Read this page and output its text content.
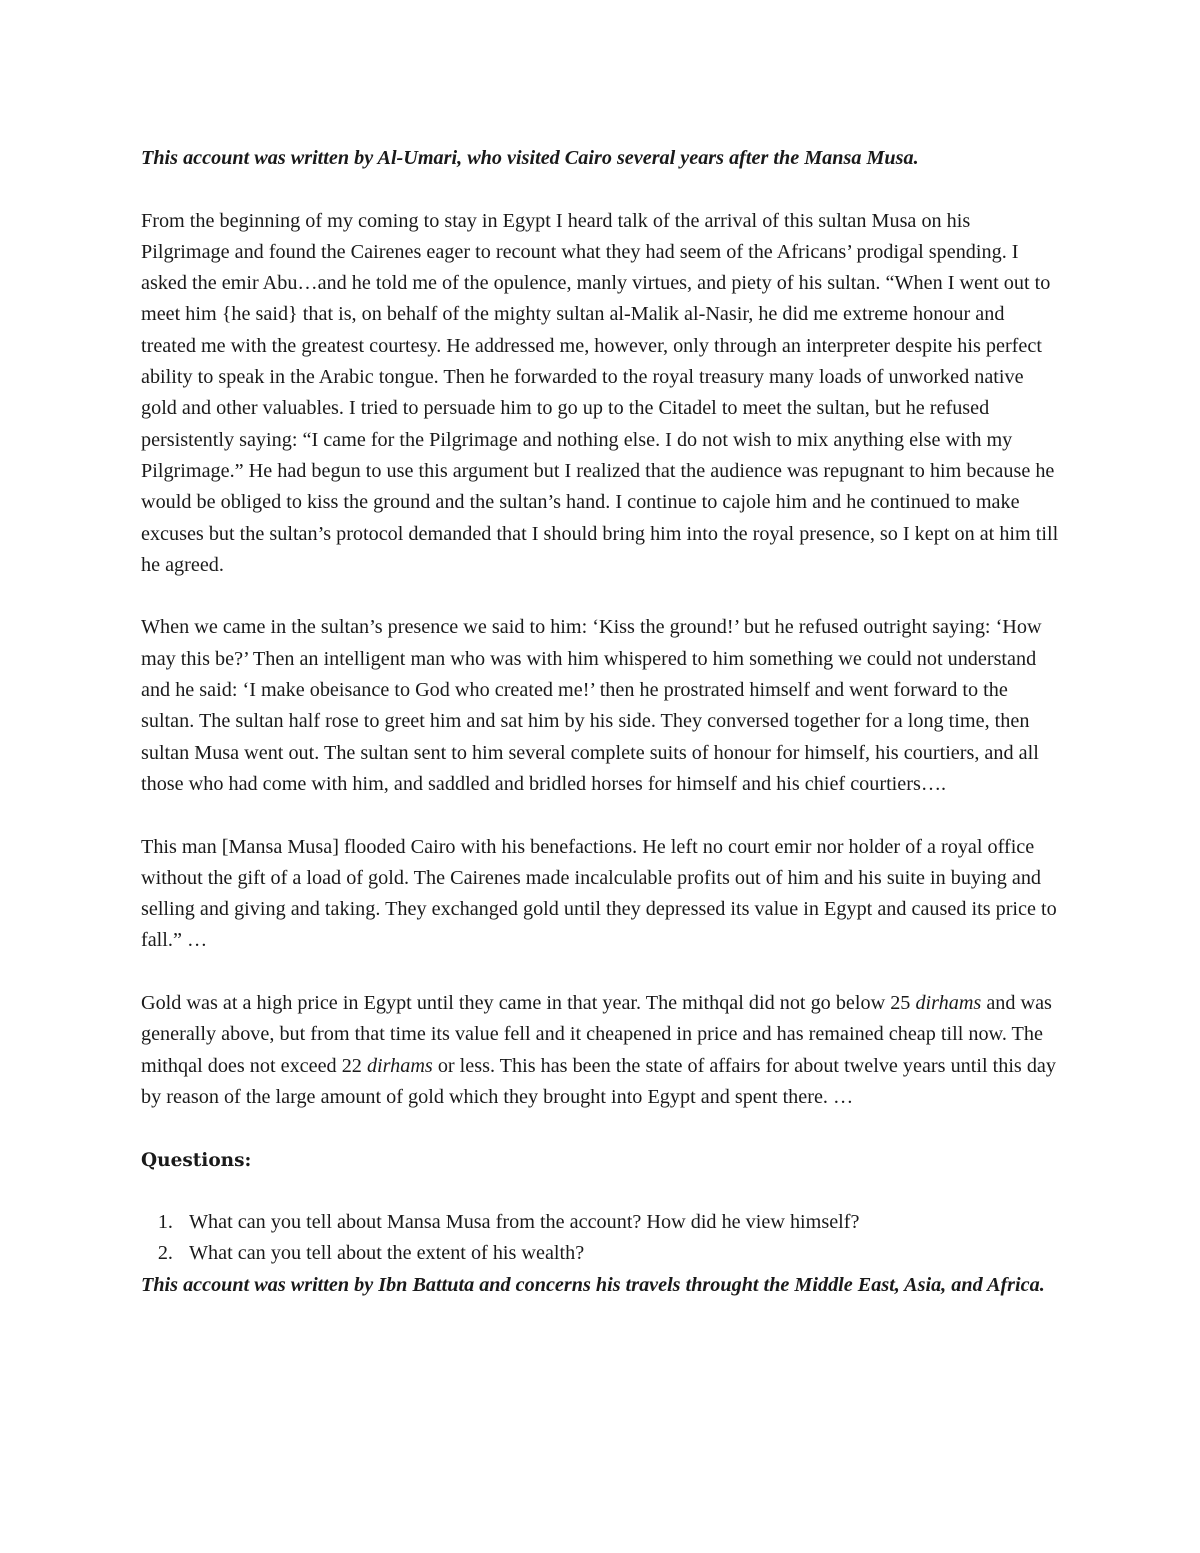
This account was written by Al-Umari, who visited Cairo several years after the Mansa Musa.

From the beginning of my coming to stay in Egypt I heard talk of the arrival of this sultan Musa on his Pilgrimage and found the Cairenes eager to recount what they had seem of the Africans’ prodigal spending. I asked the emir Abu…and he told me of the opulence, manly virtues, and piety of his sultan. “When I went out to meet him {he said} that is, on behalf of the mighty sultan al-Malik al-Nasir, he did me extreme honour and treated me with the greatest courtesy. He addressed me, however, only through an interpreter despite his perfect ability to speak in the Arabic tongue. Then he forwarded to the royal treasury many loads of unworked native gold and other valuables. I tried to persuade him to go up to the Citadel to meet the sultan, but he refused persistently saying: “I came for the Pilgrimage and nothing else. I do not wish to mix anything else with my Pilgrimage.” He had begun to use this argument but I realized that the audience was repugnant to him because he would be obliged to kiss the ground and the sultan’s hand. I continue to cajole him and he continued to make excuses but the sultan’s protocol demanded that I should bring him into the royal presence, so I kept on at him till he agreed.

When we came in the sultan’s presence we said to him: ‘Kiss the ground!’ but he refused outright saying: ‘How may this be?’ Then an intelligent man who was with him whispered to him something we could not understand and he said: ‘I make obeisance to God who created me!’ then he prostrated himself and went forward to the sultan. The sultan half rose to greet him and sat him by his side. They conversed together for a long time, then sultan Musa went out. The sultan sent to him several complete suits of honour for himself, his courtiers, and all those who had come with him, and saddled and bridled horses for himself and his chief courtiers….

This man [Mansa Musa] flooded Cairo with his benefactions. He left no court emir nor holder of a royal office without the gift of a load of gold. The Cairenes made incalculable profits out of him and his suite in buying and selling and giving and taking. They exchanged gold until they depressed its value in Egypt and caused its price to fall.” …

Gold was at a high price in Egypt until they came in that year. The mithqal did not go below 25 dirhams and was generally above, but from that time its value fell and it cheapened in price and has remained cheap till now. The mithqal does not exceed 22 dirhams or less. This has been the state of affairs for about twelve years until this day by reason of the large amount of gold which they brought into Egypt and spent there. …

Questions:

1. What can you tell about Mansa Musa from the account? How did he view himself?
2. What can you tell about the extent of his wealth?

This account was written by Ibn Battuta and concerns his travels throught the Middle East, Asia, and Africa.
